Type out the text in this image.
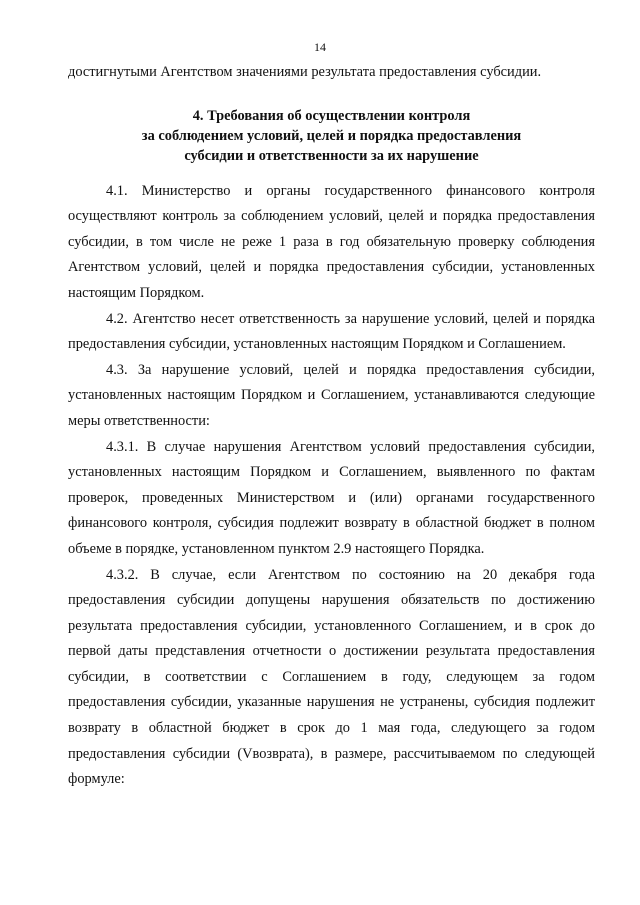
14

достигнутыми Агентством значениями результата предоставления субсидии.

4. Требования об осуществлении контроля
за соблюдением условий, целей и порядка предоставления
субсидии и ответственности за их нарушение

4.1. Министерство и органы государственного финансового контроля осуществляют контроль за соблюдением условий, целей и порядка предоставления субсидии, в том числе не реже 1 раза в год обязательную проверку соблюдения Агентством условий, целей и порядка предоставления субсидии, установленных настоящим Порядком.

4.2. Агентство несет ответственность за нарушение условий, целей и порядка предоставления субсидии, установленных настоящим Порядком и Соглашением.

4.3. За нарушение условий, целей и порядка предоставления субсидии, установленных настоящим Порядком и Соглашением, устанавливаются следующие меры ответственности:

4.3.1. В случае нарушения Агентством условий предоставления субсидии, установленных настоящим Порядком и Соглашением, выявленного по фактам проверок, проведенных Министерством и (или) органами государственного финансового контроля, субсидия подлежит возврату в областной бюджет в полном объеме в порядке, установленном пунктом 2.9 настоящего Порядка.

4.3.2. В случае, если Агентством по состоянию на 20 декабря года предоставления субсидии допущены нарушения обязательств по достижению результата предоставления субсидии, установленного Соглашением, и в срок до первой даты представления отчетности о достижении результата предоставления субсидии, в соответствии с Соглашением в году, следующем за годом предоставления субсидии, указанные нарушения не устранены, субсидия подлежит возврату в областной бюджет в срок до 1 мая года, следующего за годом предоставления субсидии (Vвозврата), в размере, рассчитываемом по следующей формуле:
